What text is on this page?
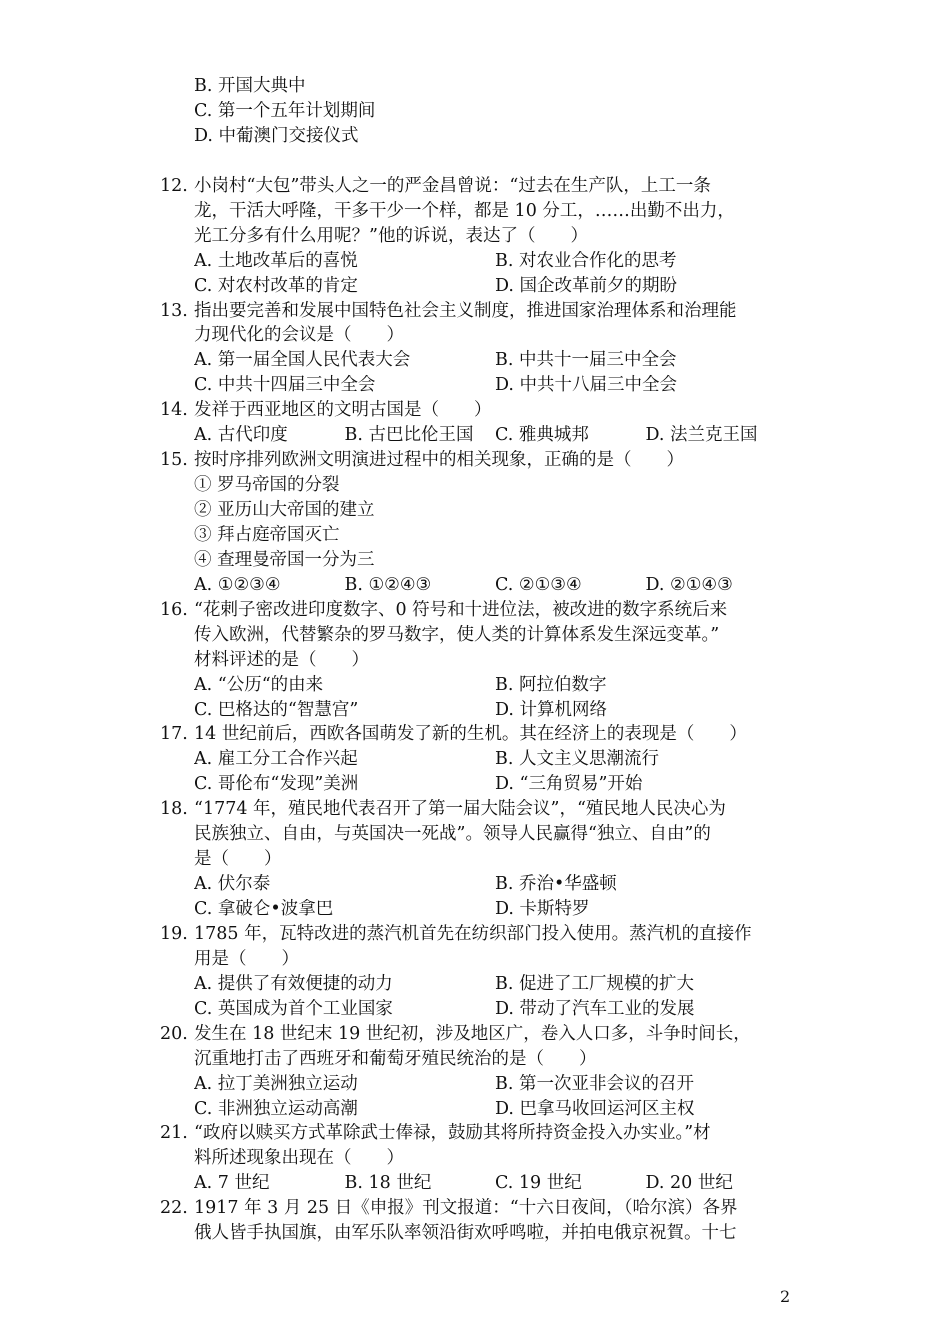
B. 开国大典中
C. 第一个五年计划期间
D. 中葡澳门交接仪式
12. 小岗村“大包”带头人之一的严金昌曾说：“过去在生产队，上工一条
龙，干活大呼隆，干多干少一个样，都是 10 分工，……出勤不出力，
光工分多有什么用呢？”他的诉说，表达了（　　）
A. 土地改革后的喜悦	B. 对农业合作化的思考
C. 对农村改革的肯定	D. 国企改革前夕的期盼
13. 指出要完善和发展中国特色社会主义制度，推进国家治理体系和治理能
力现代化的会议是（　　）
A. 第一届全国人民代表大会	B. 中共十一届三中全会
C. 中共十四届三中全会	D. 中共十八届三中全会
14. 发祥于西亚地区的文明古国是（　　）
A. 古代印度	B. 古巴比伦王国	C. 雅典城邦	D. 法兰克王国
15. 按时序排列欧洲文明演进过程中的相关现象，正确的是（　　）
① 罗马帝国的分裂
② 亚历山大帝国的建立
③ 拜占庭帝国灭亡
④ 查理曼帝国一分为三
A. ①②③④	B. ①②④③	C. ②①③④	D. ②①④③
16. “花剌子密改进印度数字、0 符号和十进位法，被改进的数字系统后来
传入欧洲，代替繁杂的罗马数字，使人类的计算体系发生深远变革。”
材料评述的是（　　）
A. “公历“的由来	B. 阿拉伯数字
C. 巴格达的“智慧宫”	D. 计算机网络
17. 14 世纪前后，西欧各国萌发了新的生机。其在经济上的表现是（　　）
A. 雇工分工合作兴起	B. 人文主义思潮流行
C. 哥伦布“发现”美洲	D. “三角贸易”开始
18. “1774 年，殖民地代表召开了第一届大陆会议”，“殖民地人民决心为
民族独立、自由，与英国决一死战”。领导人民赢得“独立、自由”的
是（　　）
A. 伏尔泰	B. 乔治•华盛顿
C. 拿破仑•波拿巴	D. 卡斯特罗
19. 1785 年，瓦特改进的蒸汽机首先在纺织部门投入使用。蒸汽机的直接作
用是（　　）
A. 提供了有效便捷的动力	B. 促进了工厂规模的扩大
C. 英国成为首个工业国家	D. 带动了汽车工业的发展
20. 发生在 18 世纪末 19 世纪初，涉及地区广，卷入人口多，斗争时间长，
沉重地打击了西班牙和葡萄牙殖民统治的是（　　）
A. 拉丁美洲独立运动	B. 第一次亚非会议的召开
C. 非洲独立运动高潮	D. 巴拿马收回运河区主权
21. “政府以赎买方式革除武士俸禄，鼓励其将所持资金投入办实业。”材
料所述现象出现在（　　）
A. 7 世纪	B. 18 世纪	C. 19 世纪	D. 20 世纪
22. 1917 年 3 月 25 日《申报》刊文报道：“十六日夜间，（哈尔滨）各界
俄人皆手执国旗，由军乐队率领沿街欢呼鸣啦，并拍电俄京祝賀。十七
2
